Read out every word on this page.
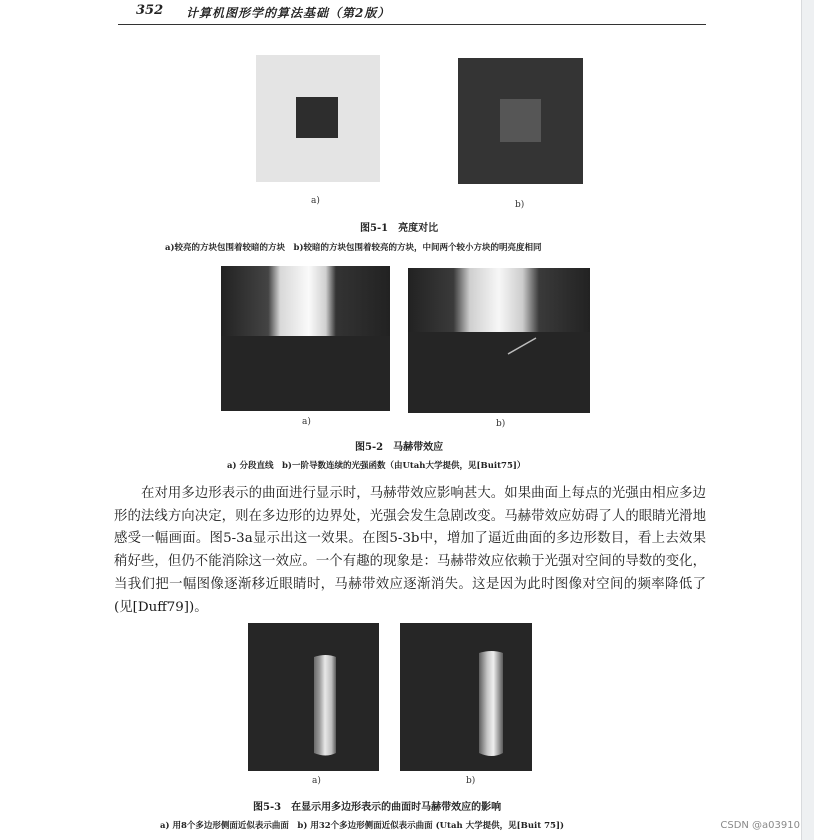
352 计算机图形学的算法基础（第2版）
a)	b)
图5-1　亮度对比
a)较亮的方块包围着较暗的方块　b)较暗的方块包围着较亮的方块，中间两个较小方块的明亮度相同
a)	b)
图5-2　马赫带效应
a) 分段直线　b)一阶导数连续的光强函数（由Utah大学提供，见[Buit75]）

在对用多边形表示的曲面进行显示时，马赫带效应影响甚大。如果曲面上每点的光强由相应多边形的法线方向决定，则在多边形的边界处，光强会发生急剧改变。马赫带效应妨碍了人的眼睛光滑地感受一幅画面。图5-3a显示出这一效果。在图5-3b中，增加了逼近曲面的多边形数目，看上去效果稍好些，但仍不能消除这一效应。一个有趣的现象是：马赫带效应依赖于光强对空间的导数的变化，当我们把一幅图像逐渐移近眼睛时，马赫带效应逐渐消失。这是因为此时图像对空间的频率降低了(见[Duff79])。

a)	b)
图5-3　在显示用多边形表示的曲面时马赫带效应的影响
a) 用8个多边形侧面近似表示曲面　b) 用32个多边形侧面近似表示曲面 (Utah 大学提供，见[Buit 75])	CSDN @a03910
